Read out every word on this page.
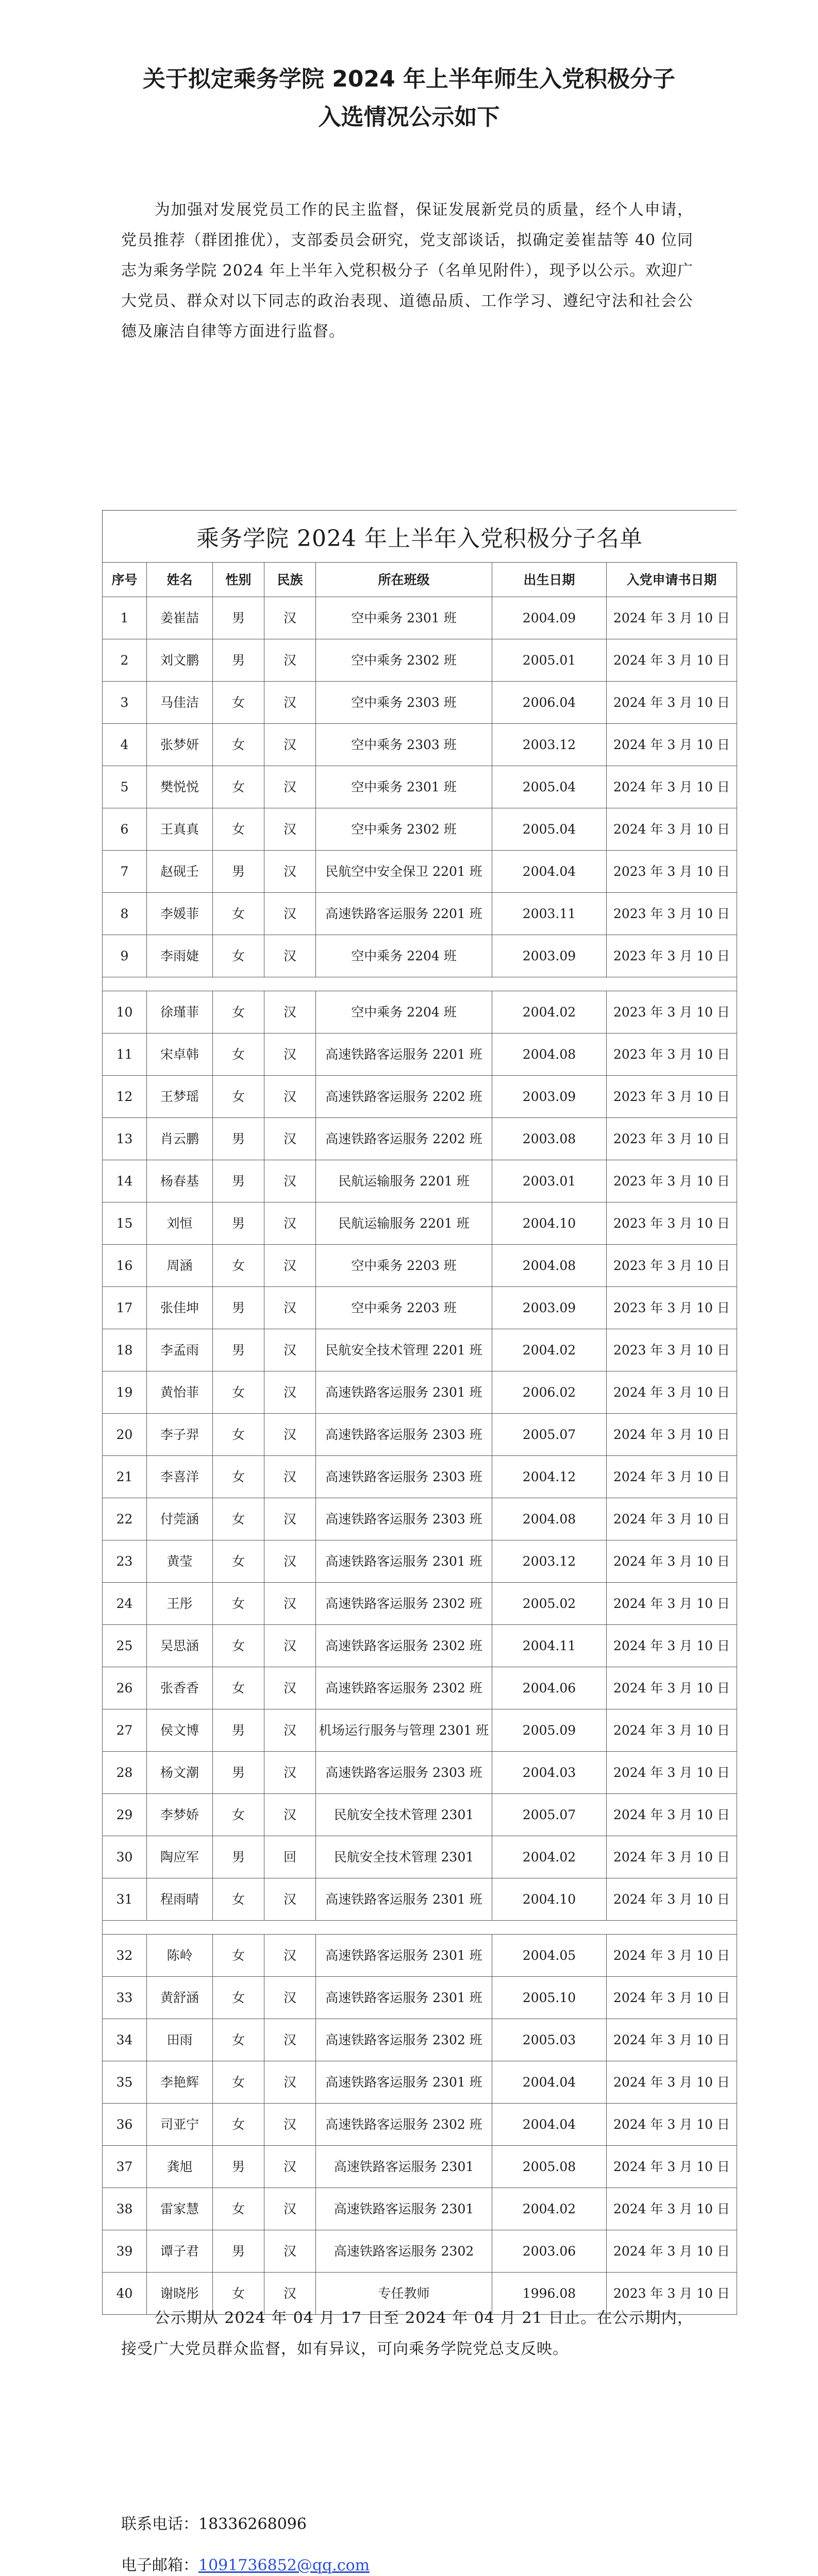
关于拟定乘务学院 2024 年上半年师生入党积极分子
入选情况公示如下
为加强对发展党员工作的民主监督，保证发展新党员的质量，经个人申请，党员推荐（群团推优），支部委员会研究，党支部谈话，拟确定姜崔喆等 40 位同志为乘务学院 2024 年上半年入党积极分子（名单见附件），现予以公示。欢迎广大党员、群众对以下同志的政治表现、道德品质、工作学习、遵纪守法和社会公德及廉洁自律等方面进行监督。
乘务学院 2024 年上半年入党积极分子名单
序号	姓名	性别	民族	所在班级	出生日期	入党申请书日期
1	姜崔喆	男	汉	空中乘务 2301 班	2004.09	2024 年 3 月 10 日
2	刘文鹏	男	汉	空中乘务 2302 班	2005.01	2024 年 3 月 10 日
3	马佳洁	女	汉	空中乘务 2303 班	2006.04	2024 年 3 月 10 日
4	张梦妍	女	汉	空中乘务 2303 班	2003.12	2024 年 3 月 10 日
5	樊悦悦	女	汉	空中乘务 2301 班	2005.04	2024 年 3 月 10 日
6	王真真	女	汉	空中乘务 2302 班	2005.04	2024 年 3 月 10 日
7	赵砚壬	男	汉	民航空中安全保卫 2201 班	2004.04	2023 年 3 月 10 日
8	李媛菲	女	汉	高速铁路客运服务 2201 班	2003.11	2023 年 3 月 10 日
9	李雨婕	女	汉	空中乘务 2204 班	2003.09	2023 年 3 月 10 日

10	徐瑾菲	女	汉	空中乘务 2204 班	2004.02	2023 年 3 月 10 日
11	宋卓韩	女	汉	高速铁路客运服务 2201 班	2004.08	2023 年 3 月 10 日
12	王梦瑶	女	汉	高速铁路客运服务 2202 班	2003.09	2023 年 3 月 10 日
13	肖云鹏	男	汉	高速铁路客运服务 2202 班	2003.08	2023 年 3 月 10 日
14	杨春基	男	汉	民航运输服务 2201 班	2003.01	2023 年 3 月 10 日
15	刘恒	男	汉	民航运输服务 2201 班	2004.10	2023 年 3 月 10 日
16	周涵	女	汉	空中乘务 2203 班	2004.08	2023 年 3 月 10 日
17	张佳坤	男	汉	空中乘务 2203 班	2003.09	2023 年 3 月 10 日
18	李孟雨	男	汉	民航安全技术管理 2201 班	2004.02	2023 年 3 月 10 日
19	黄怡菲	女	汉	高速铁路客运服务 2301 班	2006.02	2024 年 3 月 10 日
20	李子羿	女	汉	高速铁路客运服务 2303 班	2005.07	2024 年 3 月 10 日
21	李喜洋	女	汉	高速铁路客运服务 2303 班	2004.12	2024 年 3 月 10 日
22	付莞涵	女	汉	高速铁路客运服务 2303 班	2004.08	2024 年 3 月 10 日
23	黄莹	女	汉	高速铁路客运服务 2301 班	2003.12	2024 年 3 月 10 日
24	王彤	女	汉	高速铁路客运服务 2302 班	2005.02	2024 年 3 月 10 日
25	吴思涵	女	汉	高速铁路客运服务 2302 班	2004.11	2024 年 3 月 10 日
26	张香香	女	汉	高速铁路客运服务 2302 班	2004.06	2024 年 3 月 10 日
27	侯文博	男	汉	机场运行服务与管理 2301 班	2005.09	2024 年 3 月 10 日
28	杨文潮	男	汉	高速铁路客运服务 2303 班	2004.03	2024 年 3 月 10 日
29	李梦娇	女	汉	民航安全技术管理 2301	2005.07	2024 年 3 月 10 日
30	陶应军	男	回	民航安全技术管理 2301	2004.02	2024 年 3 月 10 日
31	程雨晴	女	汉	高速铁路客运服务 2301 班	2004.10	2024 年 3 月 10 日

32	陈岭	女	汉	高速铁路客运服务 2301 班	2004.05	2024 年 3 月 10 日
33	黄舒涵	女	汉	高速铁路客运服务 2301 班	2005.10	2024 年 3 月 10 日
34	田雨	女	汉	高速铁路客运服务 2302 班	2005.03	2024 年 3 月 10 日
35	李艳辉	女	汉	高速铁路客运服务 2301 班	2004.04	2024 年 3 月 10 日
36	司亚宁	女	汉	高速铁路客运服务 2302 班	2004.04	2024 年 3 月 10 日
37	龚旭	男	汉	高速铁路客运服务 2301	2005.08	2024 年 3 月 10 日
38	雷家慧	女	汉	高速铁路客运服务 2301	2004.02	2024 年 3 月 10 日
39	谭子君	男	汉	高速铁路客运服务 2302	2003.06	2024 年 3 月 10 日
40	谢晓彤	女	汉	专任教师	1996.08	2023 年 3 月 10 日
公示期从 2024 年 04 月 17 日至 2024 年 04 月 21 日止。在公示期内，接受广大党员群众监督，如有异议，可向乘务学院党总支反映。
联系电话：18336268096
电子邮箱：1091736852@qq.com
